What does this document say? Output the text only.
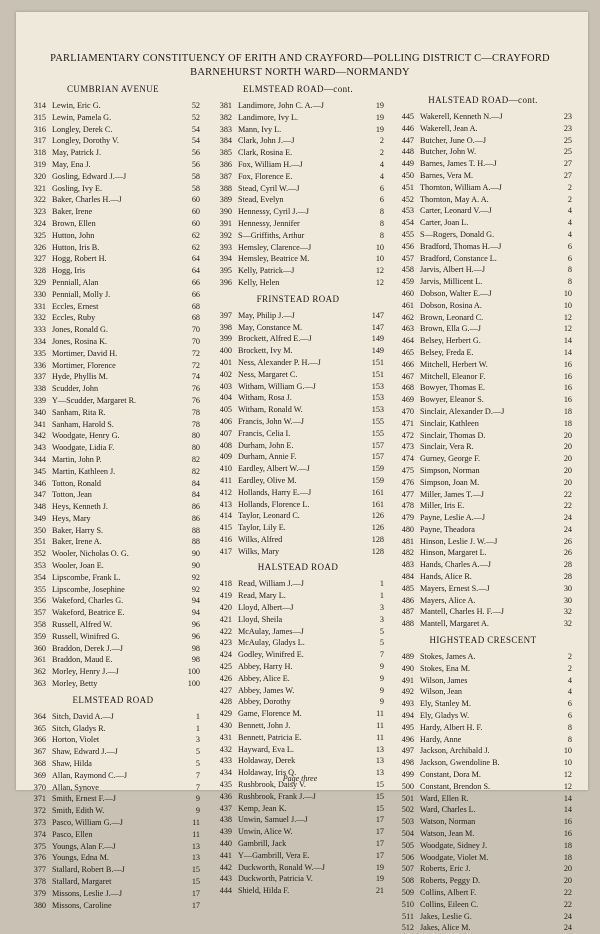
PARLIAMENTARY CONSTITUENCY OF ERITH AND CRAYFORD—POLLING DISTRICT C—CRAYFORD
BARNEHURST NORTH WARD—NORMANDY
CUMBRIAN AVENUE
314 Lewin, Eric G.	52
315 Lewin, Pamela G.	52
316 Longley, Derek C.	54
317 Longley, Dorothy V.	54
318 May, Patrick J.	56
319 May, Ena J.	56
320 Gosling, Edward J.—J	58
321 Gosling, Ivy E.	58
322 Baker, Charles H.—J	60
323 Baker, Irene	60
324 Brown, Ellen	60
325 Hutton, John	62
326 Hutton, Iris B.	62
327 Hogg, Robert H.	64
328 Hogg, Iris	64
329 Penniall, Alan	66
330 Penniall, Molly J.	66
331 Eccles, Ernest	68
332 Eccles, Ruby	68
333 Jones, Ronald G.	70
334 Jones, Rosina K.	70
335 Mortimer, David H.	72
336 Mortimer, Florence	72
337 Hyde, Phyllis M.	74
338 Scudder, John	76
339 Y—Scudder, Margaret R.	76
340 Sanham, Rita R.	78
341 Sanham, Harold S.	78
342 Woodgate, Henry G.	80
343 Woodgate, Lidia F.	80
344 Martin, John P.	82
345 Martin, Kathleen J.	82
346 Totton, Ronald	84
347 Totton, Jean	84
348 Heys, Kenneth J.	86
349 Heys, Mary	86
350 Baker, Harry S.	88
351 Baker, Irene A.	88
352 Wooler, Nicholas O. G.	90
353 Wooler, Joan E.	90
354 Lipscombe, Frank L.	92
355 Lipscombe, Josephine	92
356 Wakeford, Charles G.	94
357 Wakeford, Beatrice E.	94
358 Russell, Alfred W.	96
359 Russell, Winifred G.	96
360 Braddon, Derek J.—J	98
361 Braddon, Maud E.	98
362 Morley, Henry J.—J	100
363 Morley, Betty	100
ELMSTEAD ROAD
364 Sitch, David A.—J	1
365 Sitch, Gladys R.	1
366 Horton, Violet	3
367 Shaw, Edward J.—J	5
368 Shaw, Hilda	5
369 Allan, Raymond C.—J	7
370 Allan, Synove	7
371 Smith, Ernest F.—J	9
372 Smith, Edith W.	9
373 Pasco, William G.—J	11
374 Pasco, Ellen	11
375 Youngs, Alan F.—J	13
376 Youngs, Edna M.	13
377 Stallard, Robert B.—J	15
378 Stallard, Margaret	15
379 Missons, Leslie J.—J	17
380 Missons, Caroline	17
ELMSTEAD ROAD—cont.
381 Landimore, John C. A.—J	19
382 Landimore, Ivy L.	19
383 Mann, Ivy L.	19
384 Clark, John J.—J	2
385 Clark, Rosina E.	2
386 Fox, William H.—J	4
387 Fox, Florence E.	4
388 Stead, Cyril W.—J	6
389 Stead, Evelyn	6
390 Hennessy, Cyril J.—J	8
391 Hennessy, Jennifer	8
392 S—Griffiths, Arthur	8
393 Hemsley, Clarence—J	10
394 Hemsley, Beatrice M.	10
395 Kelly, Patrick—J	12
396 Kelly, Helen	12
FRINSTEAD ROAD
397 May, Philip J.—J	147
398 May, Constance M.	147
399 Brockett, Alfred E.—J	149
400 Brockett, Ivy M.	149
401 Ness, Alexander P. H.—J	151
402 Ness, Margaret C.	151
403 Witham, William G.—J	153
404 Witham, Rosa J.	153
405 Witham, Ronald W.	153
406 Francis, John W.—J	155
407 Francis, Celia I.	155
408 Durham, John E.	157
409 Durham, Annie F.	157
410 Eardley, Albert W.—J	159
411 Eardley, Olive M.	159
412 Hollands, Harry E.—J	161
413 Hollands, Florence L.	161
414 Taylor, Leonard C.	126
415 Taylor, Lily E.	126
416 Wilks, Alfred	128
417 Wilks, Mary	128
HALSTEAD ROAD
418 Read, William J.—J	1
419 Read, Mary L.	1
420 Lloyd, Albert—J	3
421 Lloyd, Sheila	3
422 McAulay, James—J	5
423 McAulay, Gladys L.	5
424 Godley, Winifred E.	7
425 Abbey, Harry H.	9
426 Abbey, Alice E.	9
427 Abbey, James W.	9
428 Abbey, Dorothy	9
429 Game, Florence M.	11
430 Bennett, John J.	11
431 Bennett, Patricia E.	11
432 Hayward, Eva L.	13
433 Holdaway, Derek	13
434 Holdaway, Iris Q.	13
435 Rushbrook, Daisy V.	15
436 Rushbrook, Frank J.—J	15
437 Kemp, Jean K.	15
438 Unwin, Samuel J.—J	17
439 Unwin, Alice W.	17
440 Gambrill, Jack	17
441 Y—Gambrill, Vera E.	17
442 Duckworth, Ronald W.—J	19
443 Duckworth, Patricia V.	19
444 Shield, Hilda F.	21
HALSTEAD ROAD—cont.
445 Wakerell, Kenneth N.—J	23
446 Wakerell, Jean A.	23
447 Butcher, June O.—J	25
448 Butcher, John W.	25
449 Barnes, James T. H.—J	27
450 Barnes, Vera M.	27
451 Thornton, William A.—J	2
452 Thornton, May A. A.	2
453 Carter, Leonard V.—J	4
454 Carter, Joan L.	4
455 S—Rogers, Donald G.	4
456 Bradford, Thomas H.—J	6
457 Bradford, Constance L.	6
458 Jarvis, Albert H.—J	8
459 Jarvis, Millicent L.	8
460 Dobson, Walter E.—J	10
461 Dobson, Rosina A.	10
462 Brown, Leonard C.	12
463 Brown, Ella G.—J	12
464 Belsey, Herbert G.	14
465 Belsey, Freda E.	14
466 Mitchell, Herbert W.	16
467 Mitchell, Eleanor F.	16
468 Bowyer, Thomas E.	16
469 Bowyer, Eleanor S.	16
470 Sinclair, Alexander D.—J	18
471 Sinclair, Kathleen	18
472 Sinclair, Thomas D.	20
473 Sinclair, Vera R.	20
474 Gurney, George F.	20
475 Simpson, Norman	20
476 Simpson, Joan M.	20
477 Miller, James T.—J	22
478 Miller, Iris E.	22
479 Payne, Leslie A.—J	24
480 Payne, Theadora	24
481 Hinson, Leslie J. W.—J	26
482 Hinson, Margaret L.	26
483 Hands, Charles A.—J	28
484 Hands, Alice R.	28
485 Mayers, Ernest S.—J	30
486 Mayers, Alice A.	30
487 Mantell, Charles H. F.—J	32
488 Mantell, Margaret A.	32
HIGHSTEAD CRESCENT
489 Stokes, James A.	2
490 Stokes, Ena M.	2
491 Wilson, James	4
492 Wilson, Jean	4
493 Ely, Stanley M.	6
494 Ely, Gladys W.	6
495 Hardy, Albert H. F.	8
496 Hardy, Anne	8
497 Jackson, Archibald J.	10
498 Jackson, Gwendoline B.	10
499 Constant, Dora M.	12
500 Constant, Brendon S.	12
501 Ward, Ellen R.	14
502 Ward, Charles L.	14
503 Watson, Norman	16
504 Watson, Jean M.	16
505 Woodgate, Sidney J.	18
506 Woodgate, Violet M.	18
507 Roberts, Eric J.	20
508 Roberts, Peggy D.	20
509 Collins, Albert F.	22
510 Collins, Eileen C.	22
511 Jakes, Leslie G.	24
512 Jakes, Alice M.	24
Page three
